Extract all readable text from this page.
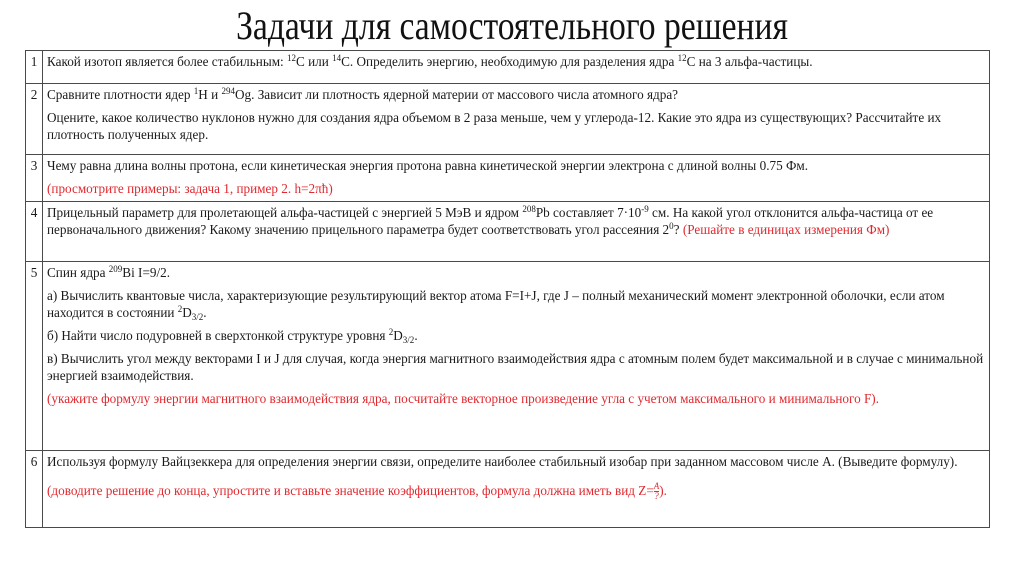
Задачи для самостоятельного решения
1	Какой изотоп является более стабильным: $^{12}$C или $^{14}$C. Определить энергию, необходимую для разделения ядра $^{12}$C на 3 альфа-частицы.

2	Сравните плотности ядер $^1$H и $^{294}$Og. Зависит ли плотность ядерной материи от массового числа атомного ядра?

Оцените, какое количество нуклонов нужно для создания ядра объемом в 2 раза меньше, чем у углерода-12. Какие это ядра из существующих? Рассчитайте их плотность полученных ядер.

3	Чему равна длина волны протона, если кинетическая энергия протона равна кинетической энергии электрона с длиной волны 0.75 Фм.

(просмотрите примеры: задача 1, пример 2. h=2πħ)

4	Прицельный параметр для пролетающей альфа-частицей с энергией 5 МэВ и ядром $^{208}$Pb составляет $7\cdot 10^{-9}$ см. На какой угол отклонится альфа-частица от ее первоначального движения? Какому значению прицельного параметра будет соответствовать угол рассеяния $2^0$? (Решайте в единицах измерения Фм)

5	Спин ядра $^{209}$Bi I=9/2.

а) Вычислить квантовые числа, характеризующие результирующий вектор атома F=I+J, где J – полный механический момент электронной оболочки, если атом находится в состоянии $^2D_{3/2}$.

б) Найти число подуровней в сверхтонкой структуре уровня $^2D_{3/2}$.

в) Вычислить угол между векторами I и J для случая, когда энергия магнитного взаимодействия ядра с атомным полем будет максимальной и в случае с минимальной энергией взаимодействия.

(укажите формулу энергии магнитного взаимодействия ядра, посчитайте векторное произведение угла с учетом максимального и минимального F).

6	Используя формулу Вайцзеккера для определения энергии связи, определите наиболее стабильный изобар при заданном массовом числе А. (Выведите формулу).

(доводите решение до конца, упростите и вставьте значение коэффициентов, формула должна иметь вид $Z= \frac{A}{?}$ ).
